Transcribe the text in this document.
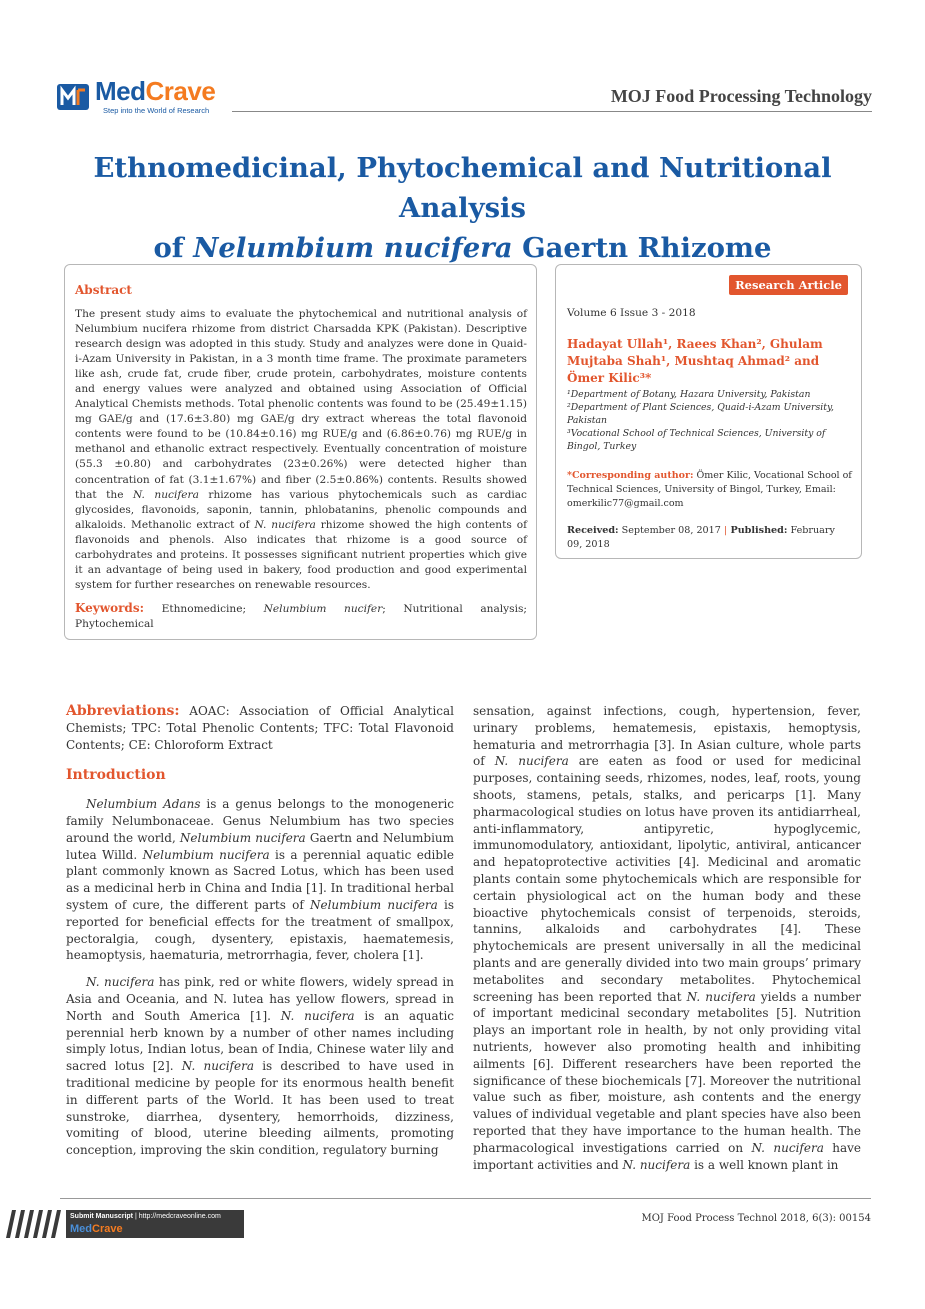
MedCrave
Step into the World of Research
MOJ Food Processing Technology
Ethnomedicinal, Phytochemical and Nutritional Analysis
of Nelumbium nucifera Gaertn Rhizome
Abstract
The present study aims to evaluate the phytochemical and nutritional analysis of Nelumbium nucifera rhizome from district Charsadda KPK (Pakistan). Descriptive research design was adopted in this study. Study and analyzes were done in Quaid-i-Azam University in Pakistan, in a 3 month time frame. The proximate parameters like ash, crude fat, crude fiber, crude protein, carbohydrates, moisture contents and energy values were analyzed and obtained using Association of Official Analytical Chemists methods. Total phenolic contents was found to be (25.49±1.15) mg GAE/g and (17.6±3.80) mg GAE/g dry extract whereas the total flavonoid contents were found to be (10.84±0.16) mg RUE/g and (6.86±0.76) mg RUE/g in methanol and ethanolic extract respectively. Eventually concentration of moisture (55.3 ±0.80) and carbohydrates (23±0.26%) were detected higher than concentration of fat (3.1±1.67%) and fiber (2.5±0.86%) contents. Results showed that the N. nucifera rhizome has various phytochemicals such as cardiac glycosides, flavonoids, saponin, tannin, phlobatanins, phenolic compounds and alkaloids. Methanolic extract of N. nucifera rhizome showed the high contents of flavonoids and phenols. Also indicates that rhizome is a good source of carbohydrates and proteins. It possesses significant nutrient properties which give it an advantage of being used in bakery, food production and good experimental system for further researches on renewable resources.
Keywords: Ethnomedicine; Nelumbium nucifer; Nutritional analysis; Phytochemical
Research Article
Volume 6 Issue 3 - 2018
Hadayat Ullah¹, Raees Khan², Ghulam Mujtaba Shah¹, Mushtaq Ahmad² and Ömer Kilic³*
¹Department of Botany, Hazara University, Pakistan
²Department of Plant Sciences, Quaid-i-Azam University, Pakistan
³Vocational School of Technical Sciences, University of Bingol, Turkey
*Corresponding author: Ömer Kilic, Vocational School of Technical Sciences, University of Bingol, Turkey, Email: omerkilic77@gmail.com
Received: September 08, 2017 | Published: February 09, 2018

Abbreviations: AOAC: Association of Official Analytical Chemists; TPC: Total Phenolic Contents; TFC: Total Flavonoid Contents; CE: Chloroform Extract

Introduction

Nelumbium Adans is a genus belongs to the monogeneric family Nelumbonaceae. Genus Nelumbium has two species around the world, Nelumbium nucifera Gaertn and Nelumbium lutea Willd. Nelumbium nucifera is a perennial aquatic edible plant commonly known as Sacred Lotus, which has been used as a medicinal herb in China and India [1]. In traditional herbal system of cure, the different parts of Nelumbium nucifera is reported for beneficial effects for the treatment of smallpox, pectoralgia, cough, dysentery, epistaxis, haematemesis, heamoptysis, haematuria, metrorrhagia, fever, cholera [1].

N. nucifera has pink, red or white flowers, widely spread in Asia and Oceania, and N. lutea has yellow flowers, spread in North and South America [1]. N. nucifera is an aquatic perennial herb known by a number of other names including simply lotus, Indian lotus, bean of India, Chinese water lily and sacred lotus [2]. N. nucifera is described to have used in traditional medicine by people for its enormous health benefit in different parts of the World. It has been used to treat sunstroke, diarrhea, dysentery, hemorrhoids, dizziness, vomiting of blood, uterine bleeding ailments, promoting conception, improving the skin condition, regulatory burning

sensation, against infections, cough, hypertension, fever, urinary problems, hematemesis, epistaxis, hemoptysis, hematuria and metrorrhagia [3]. In Asian culture, whole parts of N. nucifera are eaten as food or used for medicinal purposes, containing seeds, rhizomes, nodes, leaf, roots, young shoots, stamens, petals, stalks, and pericarps [1]. Many pharmacological studies on lotus have proven its antidiarrheal, anti-inflammatory, antipyretic, hypoglycemic, immunomodulatory, antioxidant, lipolytic, antiviral, anticancer and hepatoprotective activities [4]. Medicinal and aromatic plants contain some phytochemicals which are responsible for certain physiological act on the human body and these bioactive phytochemicals consist of terpenoids, steroids, tannins, alkaloids and carbohydrates [4]. These phytochemicals are present universally in all the medicinal plants and are generally divided into two main groups’ primary metabolites and secondary metabolites. Phytochemical screening has been reported that N. nucifera yields a number of important medicinal secondary metabolites [5]. Nutrition plays an important role in health, by not only providing vital nutrients, however also promoting health and inhibiting ailments [6]. Different researchers have been reported the significance of these biochemicals [7]. Moreover the nutritional value such as fiber, moisture, ash contents and the energy values of individual vegetable and plant species have also been reported that they have importance to the human health. The pharmacological investigations carried on N. nucifera have important activities and N. nucifera is a well known plant in

Submit Manuscript | http://medcraveonline.com
MedCrave
MOJ Food Process Technol 2018, 6(3): 00154
